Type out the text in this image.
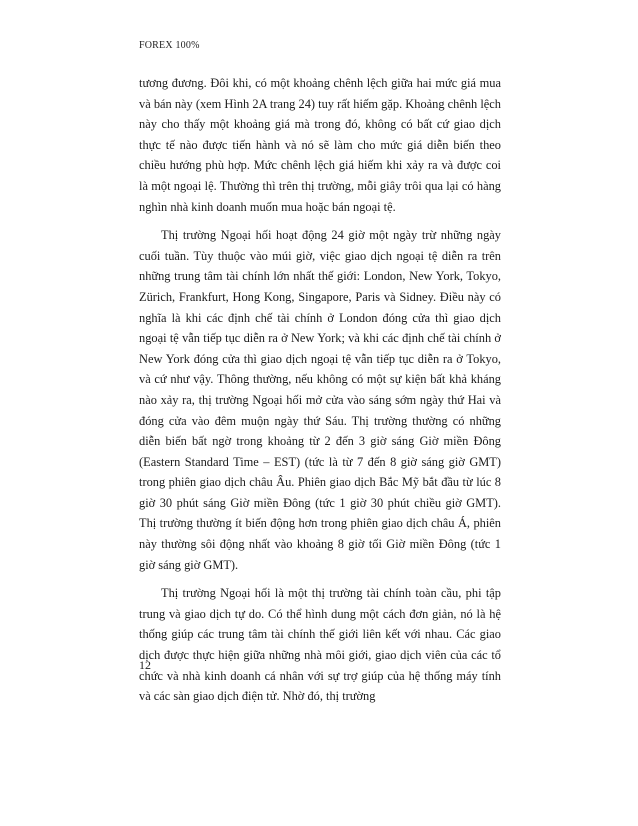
FOREX 100%

tương đương. Đôi khi, có một khoảng chênh lệch giữa hai mức giá mua và bán này (xem Hình 2A trang 24) tuy rất hiếm gặp. Khoảng chênh lệch này cho thấy một khoảng giá mà trong đó, không có bất cứ giao dịch thực tế nào được tiến hành và nó sẽ làm cho mức giá diễn biến theo chiều hướng phù hợp. Mức chênh lệch giá hiếm khi xảy ra và được coi là một ngoại lệ. Thường thì trên thị trường, mỗi giây trôi qua lại có hàng nghìn nhà kinh doanh muốn mua hoặc bán ngoại tệ.

Thị trường Ngoại hối hoạt động 24 giờ một ngày trừ những ngày cuối tuần. Tùy thuộc vào múi giờ, việc giao dịch ngoại tệ diễn ra trên những trung tâm tài chính lớn nhất thế giới: London, New York, Tokyo, Zürich, Frankfurt, Hong Kong, Singapore, Paris và Sidney. Điều này có nghĩa là khi các định chế tài chính ở London đóng cửa thì giao dịch ngoại tệ vẫn tiếp tục diễn ra ở New York; và khi các định chế tài chính ở New York đóng cửa thì giao dịch ngoại tệ vẫn tiếp tục diễn ra ở Tokyo, và cứ như vậy. Thông thường, nếu không có một sự kiện bất khả kháng nào xảy ra, thị trường Ngoại hối mở cửa vào sáng sớm ngày thứ Hai và đóng cửa vào đêm muộn ngày thứ Sáu. Thị trường thường có những diễn biến bất ngờ trong khoảng từ 2 đến 3 giờ sáng Giờ miền Đông (Eastern Standard Time – EST) (tức là từ 7 đến 8 giờ sáng giờ GMT) trong phiên giao dịch châu Âu. Phiên giao dịch Bắc Mỹ bắt đầu từ lúc 8 giờ 30 phút sáng Giờ miền Đông (tức 1 giờ 30 phút chiều giờ GMT). Thị trường thường ít biến động hơn trong phiên giao dịch châu Á, phiên này thường sôi động nhất vào khoảng 8 giờ tối Giờ miền Đông (tức 1 giờ sáng giờ GMT).

Thị trường Ngoại hối là một thị trường tài chính toàn cầu, phi tập trung và giao dịch tự do. Có thể hình dung một cách đơn giản, nó là hệ thống giúp các trung tâm tài chính thế giới liên kết với nhau. Các giao dịch được thực hiện giữa những nhà môi giới, giao dịch viên của các tổ chức và nhà kinh doanh cá nhân với sự trợ giúp của hệ thống máy tính và các sàn giao dịch điện tử. Nhờ đó, thị trường

12
